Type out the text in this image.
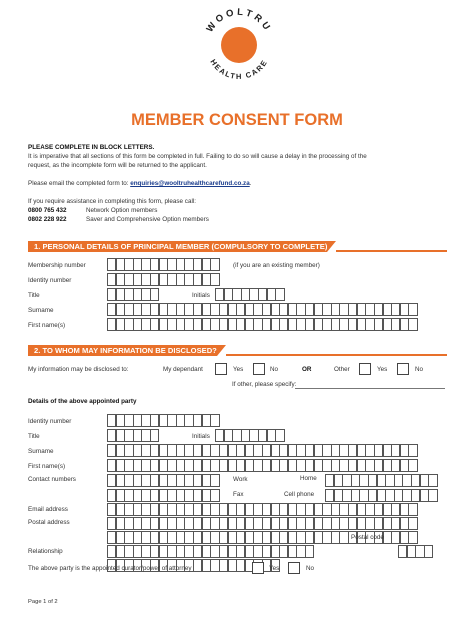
WOOLTRU
HEALTH CARE
MEMBER CONSENT FORM
PLEASE COMPLETE IN BLOCK LETTERS.
It is imperative that all sections of this form be completed in full. Failing to do so will cause a delay in the processing of the
request, as the incomplete form will be returned to the applicant.
Please email the completed form to: enquiries@wooltruhealthcarefund.co.za.
If you require assistance in completing this form, please call:
0800 765 432	Network Option members
0802 228 922	Saver and Comprehensive Option members
1. PERSONAL DETAILS OF PRINCIPAL MEMBER (COMPULSORY TO COMPLETE)
Membership number	(if you are an existing member)
Identity number
Title	Initials
Surname
First name(s)
2. TO WHOM MAY INFORMATION BE DISCLOSED?
My information may be disclosed to:	My dependant	Yes	No	OR	Other	Yes	No
If other, please specify:
Details of the above appointed party
Identity number
Title	Initials
Surname
First name(s)
Contact numbers	Work	Home
Fax	Cell phone
Email address
Postal address
Postal code
Relationship
The above party is the appointed curator/power of attorney	Yes	No
Page 1 of 2
